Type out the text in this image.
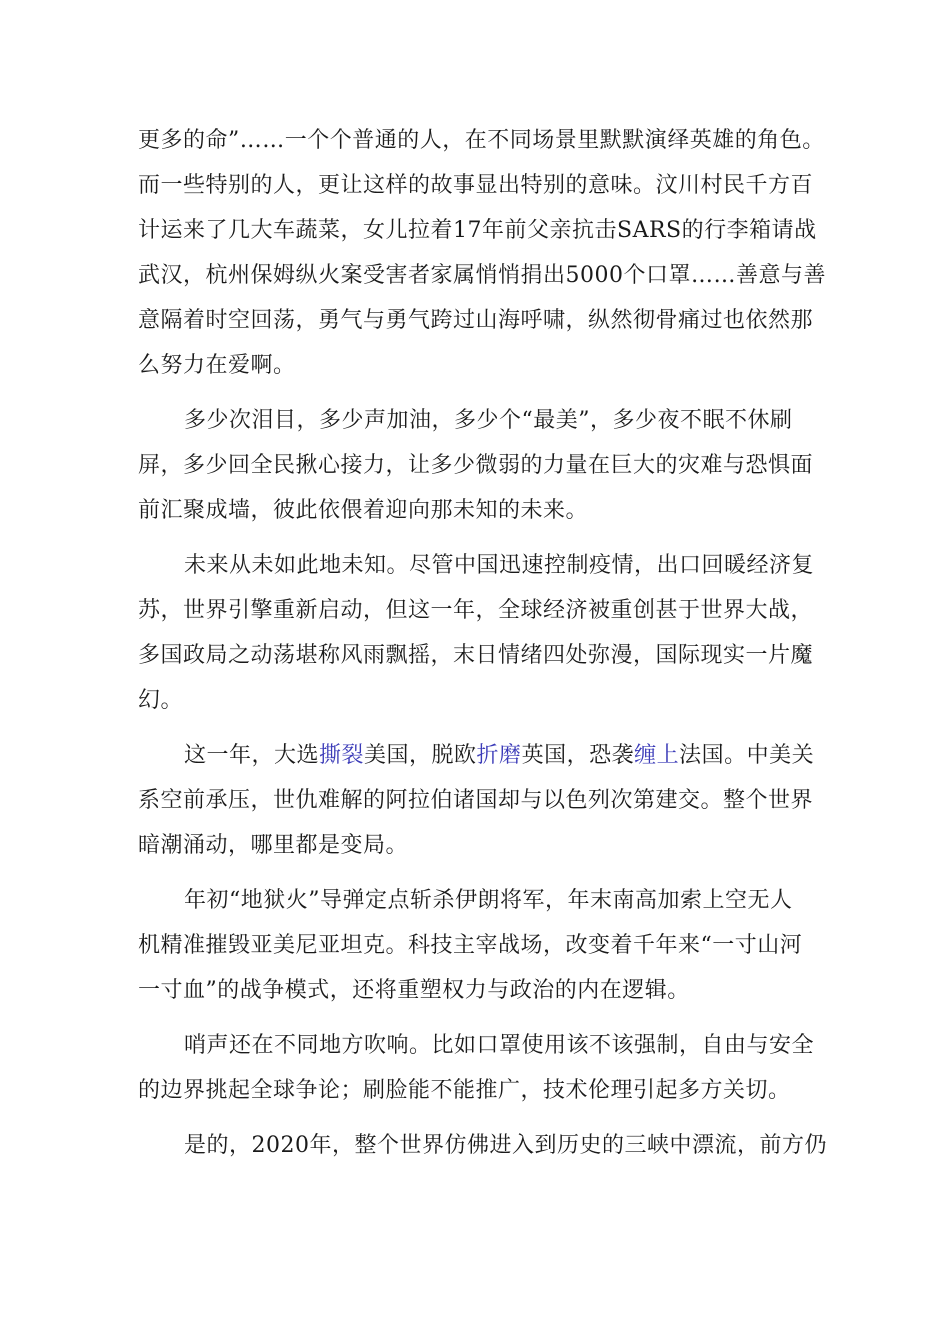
更多的命”……一个个普通的人，在不同场景里默默演绎英雄的角色。
而一些特别的人，更让这样的故事显出特别的意味。汶川村民千方百
计运来了几大车蔬菜，女儿拉着17年前父亲抗击SARS的行李箱请战
武汉，杭州保姆纵火案受害者家属悄悄捐出5000个口罩……善意与善
意隔着时空回荡，勇气与勇气跨过山海呼啸，纵然彻骨痛过也依然那
么努力在爱啊。

多少次泪目，多少声加油，多少个“最美”，多少夜不眠不休刷
屏，多少回全民揪心接力，让多少微弱的力量在巨大的灾难与恐惧面
前汇聚成墙，彼此依偎着迎向那未知的未来。

未来从未如此地未知。尽管中国迅速控制疫情，出口回暖经济复
苏，世界引擎重新启动，但这一年，全球经济被重创甚于世界大战，
多国政局之动荡堪称风雨飘摇，末日情绪四处弥漫，国际现实一片魔
幻。

这一年，大选撕裂美国，脱欧折磨英国，恐袭缠上法国。中美关
系空前承压，世仇难解的阿拉伯诸国却与以色列次第建交。整个世界
暗潮涌动，哪里都是变局。

年初“地狱火”导弹定点斩杀伊朗将军，年末南高加索上空无人
机精准摧毁亚美尼亚坦克。科技主宰战场，改变着千年来“一寸山河
一寸血”的战争模式，还将重塑权力与政治的内在逻辑。

哨声还在不同地方吹响。比如口罩使用该不该强制，自由与安全
的边界挑起全球争论；刷脸能不能推广，技术伦理引起多方关切。

是的，2020年，整个世界仿佛进入到历史的三峡中漂流，前方仍
